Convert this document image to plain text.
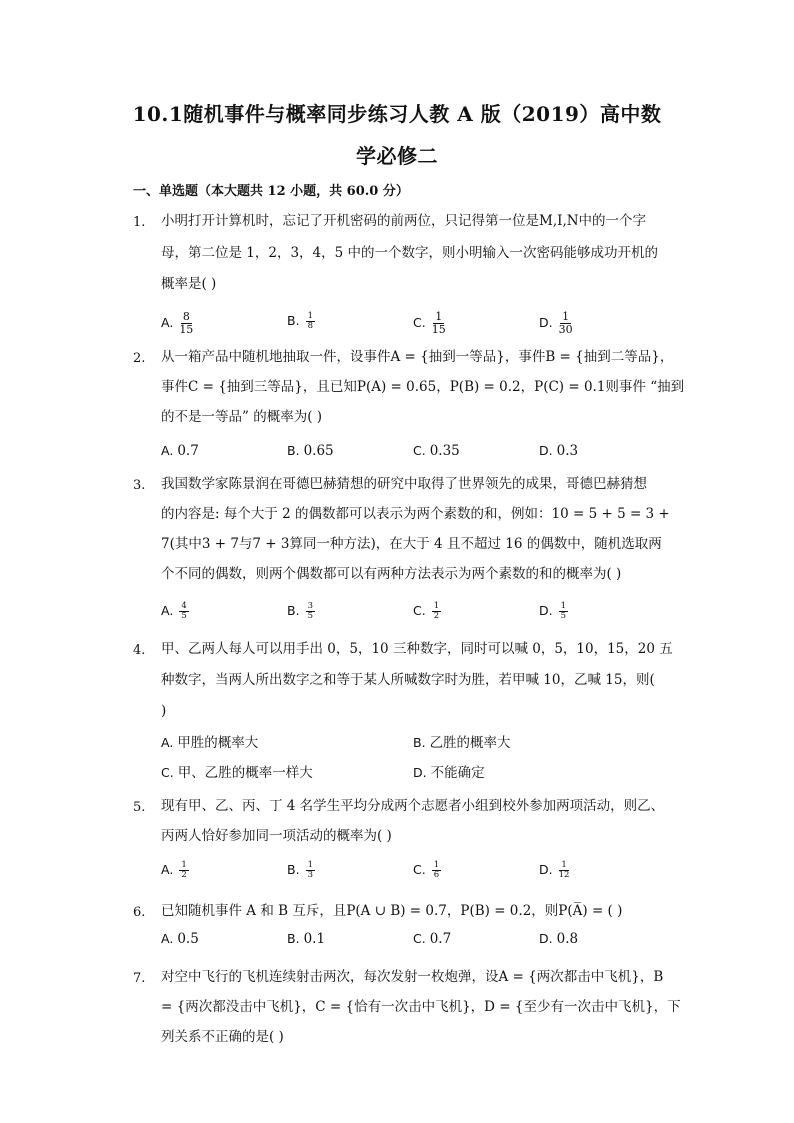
10.1随机事件与概率同步练习人教 A 版（2019）高中数
学必修二
一、单选题（本大题共 12 小题，共 60.0 分）
1. 小明打开计算机时，忘记了开机密码的前两位，只记得第一位是M,I,N中的一个字
母，第二位是 1，2，3，4，5 中的一个数字，则小明输入一次密码能够成功开机的
概率是( )
A. $\frac{8}{15}$	B. $\frac{1}{8}$	C. $\frac{1}{15}$	D. $\frac{1}{30}$
2. 从一箱产品中随机地抽取一件，设事件A = {抽到一等品}，事件B = {抽到二等品}，
事件C = {抽到三等品}，且已知P(A) = 0.65，P(B) = 0.2，P(C) = 0.1则事件 “抽到
的不是一等品” 的概率为( )
A. 0.7	B. 0.65	C. 0.35	D. 0.3
3. 我国数学家陈景润在哥德巴赫猜想的研究中取得了世界领先的成果，哥德巴赫猜想
的内容是: 每个大于 2 的偶数都可以表示为两个素数的和，例如：10 = 5 + 5 = 3 +
7(其中3 + 7与7 + 3算同一种方法)，在大于 4 且不超过 16 的偶数中，随机选取两
个不同的偶数，则两个偶数都可以有两种方法表示为两个素数的和的概率为( )
A. $\frac{4}{5}$	B. $\frac{3}{5}$	C. $\frac{1}{2}$	D. $\frac{1}{5}$
4. 甲、乙两人每人可以用手出 0，5，10 三种数字，同时可以喊 0，5，10，15，20 五
种数字，当两人所出数字之和等于某人所喊数字时为胜，若甲喊 10，乙喊 15，则(
)
A. 甲胜的概率大	B. 乙胜的概率大
C. 甲、乙胜的概率一样大	D. 不能确定
5. 现有甲、乙、丙、丁 4 名学生平均分成两个志愿者小组到校外参加两项活动，则乙、
丙两人恰好参加同一项活动的概率为( )
A. $\frac{1}{2}$	B. $\frac{1}{3}$	C. $\frac{1}{6}$	D. $\frac{1}{12}$
6. 已知随机事件 A 和 B 互斥，且P(A ∪ B) = 0.7，P(B) = 0.2，则P(A̅) = ( )
A. 0.5	B. 0.1	C. 0.7	D. 0.8
7. 对空中飞行的飞机连续射击两次，每次发射一枚炮弹，设A = {两次都击中飞机}，B
= {两次都没击中飞机}，C = {恰有一次击中飞机}，D = {至少有一次击中飞机}，下
列关系不正确的是( )
